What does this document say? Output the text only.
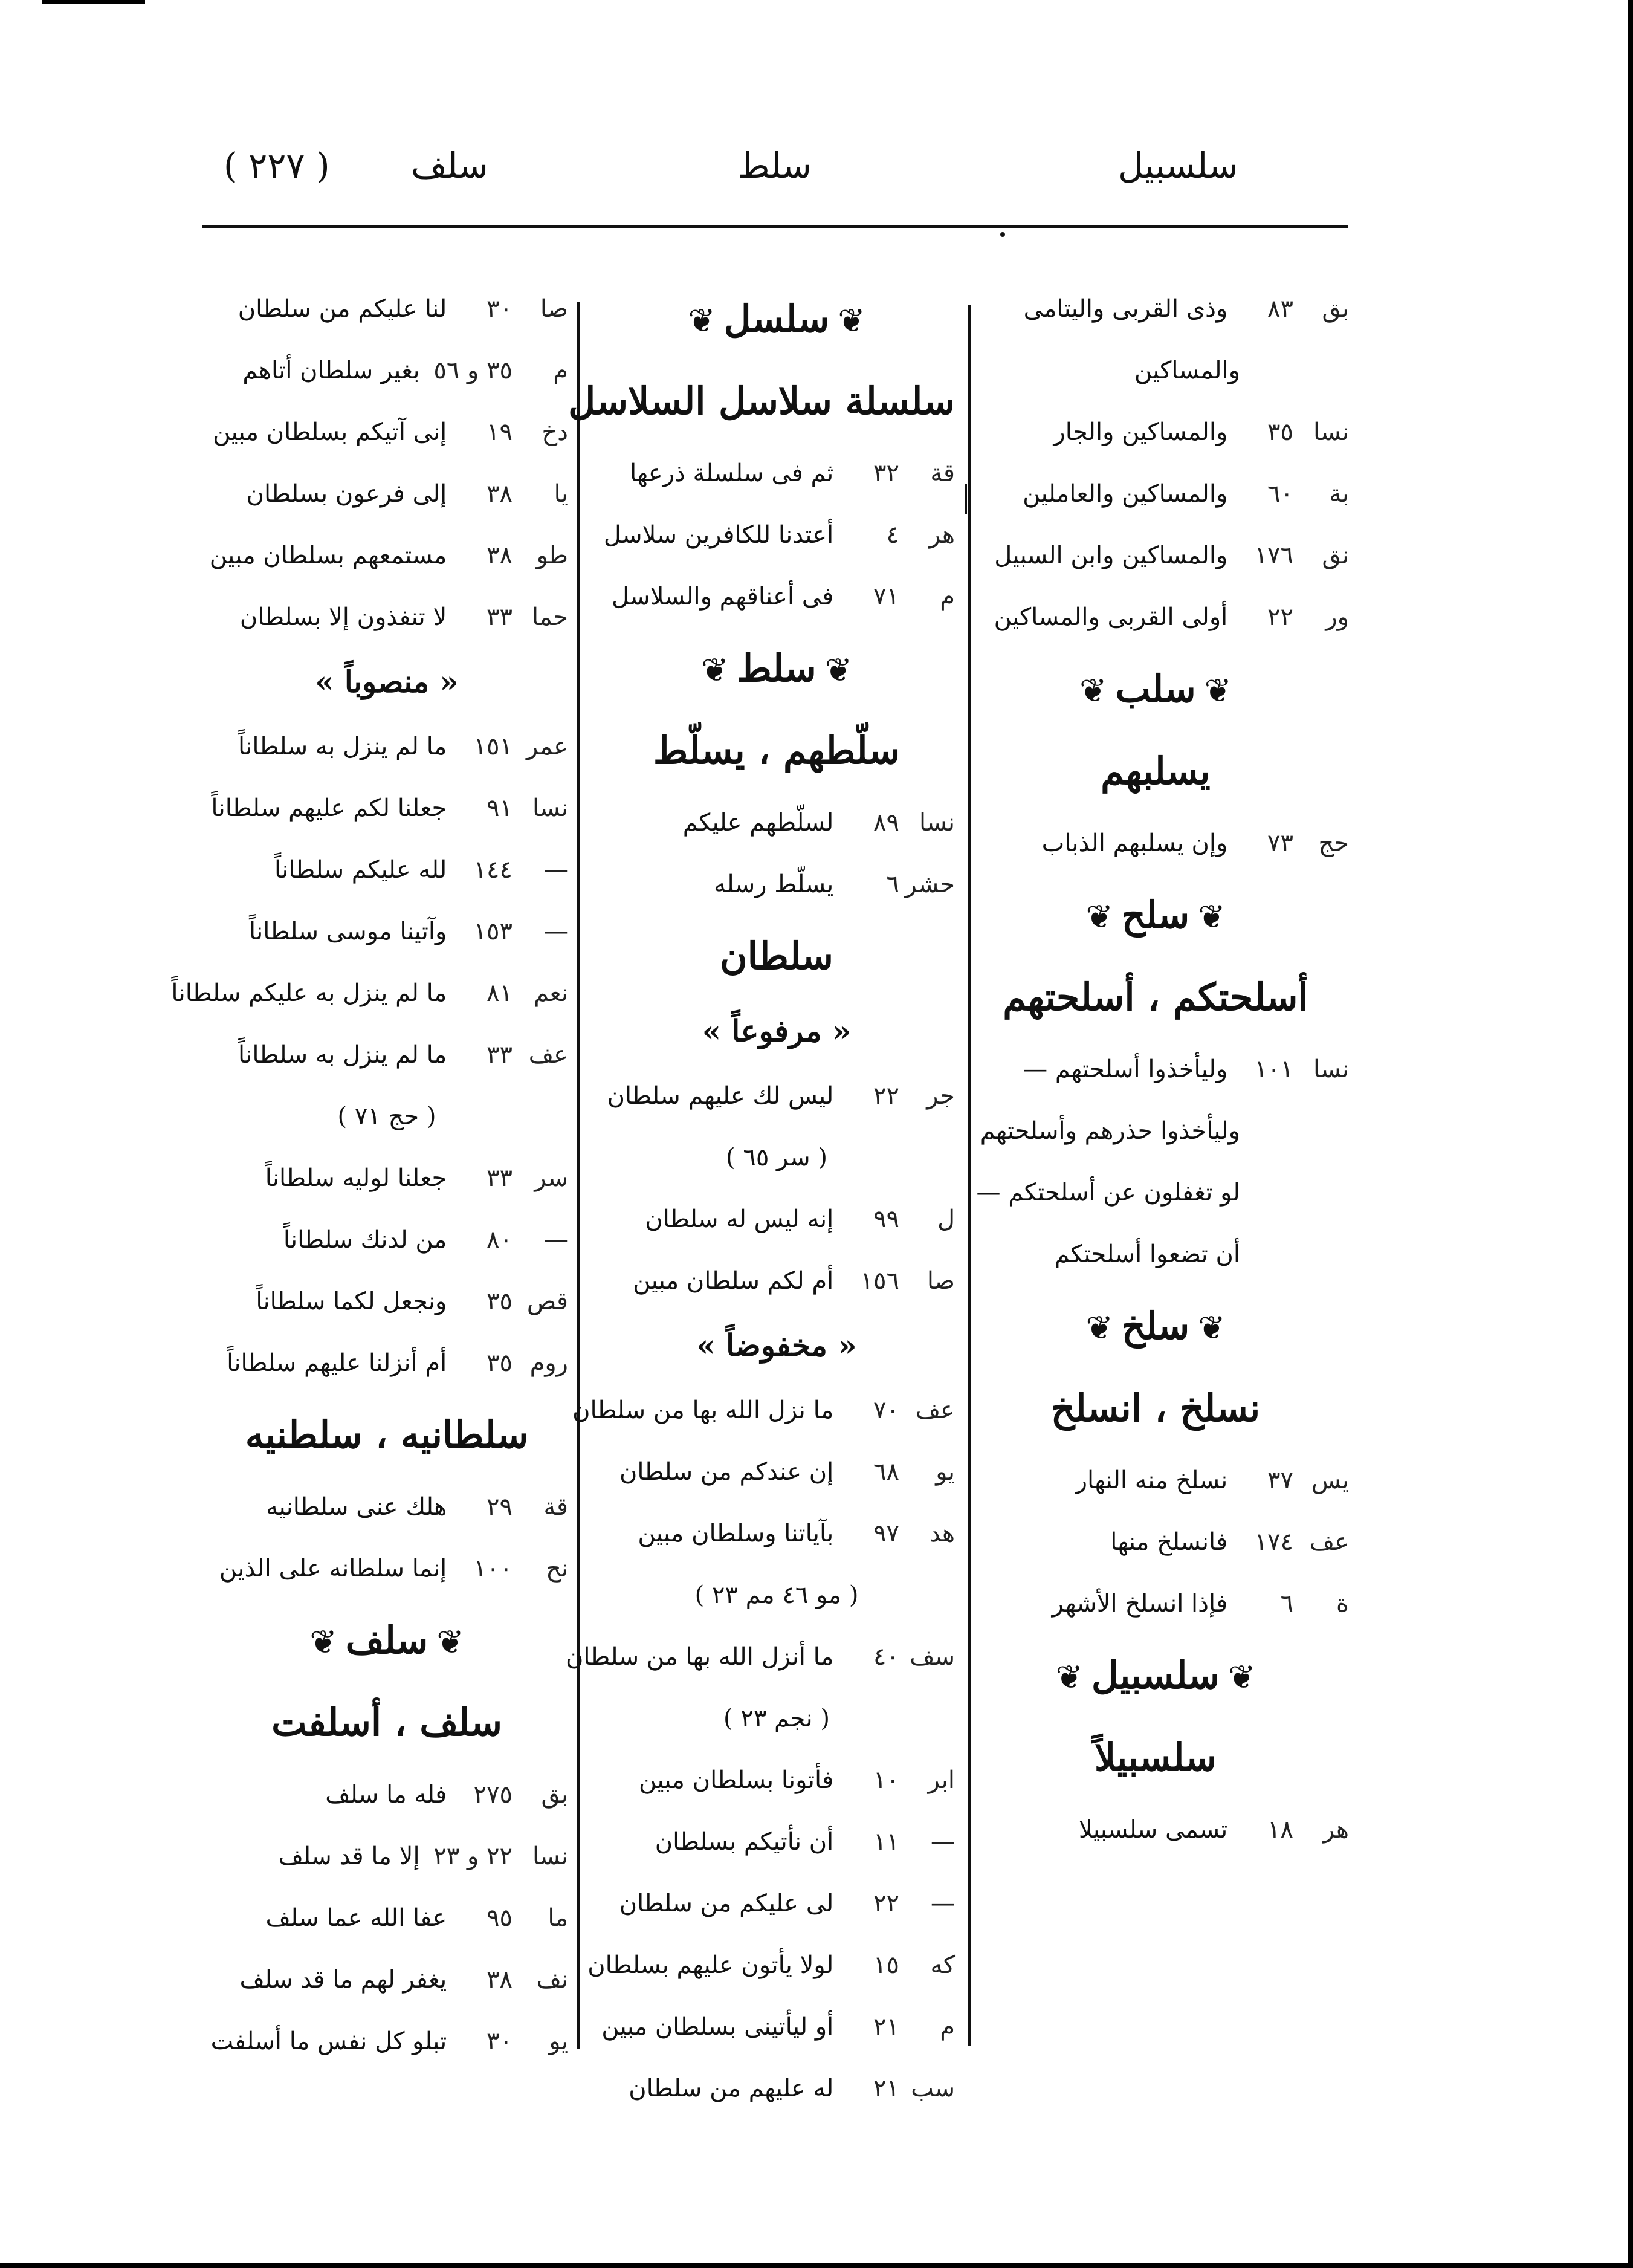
( ٢٢٧ ) سلف	سلط	سلسبيل
بق٨٣ وذى القربى واليتامى
والمساكين
نسا٣٥ والمساكين والجار
بة٦٠ والمساكين والعاملين
نق١٧٦ والمساكين وابن السبيل
ور٢٢ أولى القربى والمساكين
❦سلب❦
يسلبهم
حج٧٣ وإن يسلبهم الذباب
❦سلح❦
أسلحتكم ، أسلحتهم
نسا١٠١ وليأخذوا أسلحتهم —
وليأخذوا حذرهم وأسلحتهم
لو تغفلون عن أسلحتكم —
أن تضعوا أسلحتكم
❦سلخ❦
نسلخ ، انسلخ
يس٣٧ نسلخ منه النهار
عف١٧٤ فانسلخ منها
ة٦ فإذا انسلخ الأشهر
❦سلسبيل❦
سلسبيلاً
هر١٨ تسمى سلسبيلا
❦سلسل❦
سلسلة سلاسل السلاسل
قة٣٢ ثم فى سلسلة ذرعها
هر٤ أعتدنا للكافرين سلاسل
م٧١ فى أعناقهم والسلاسل
❦سلط❦
سلّطهم ، يسلّط
نسا٨٩ لسلّطهم عليكم
حشر٦ يسلّط رسله
سلطان
« مرفوعاً »
جر٢٢ ليس لك عليهم سلطان
( سر ٦٥ )
ل٩٩ إنه ليس له سلطان
صا١٥٦ أم لكم سلطان مبين
« مخفوضاً »
عف٧٠ ما نزل الله بها من سلطان
يو٦٨ إن عندكم من سلطان
هد٩٧ بآياتنا وسلطان مبين
( مو ٤٦ مم ٢٣ )
سف٤٠ ما أنزل الله بها من سلطان
( نجم ٢٣ )
ابر١٠ فأتونا بسلطان مبين
—١١ أن نأتيكم بسلطان
—٢٢ لى عليكم من سلطان
كه١٥ لولا يأتون عليهم بسلطان
م٢١ أو ليأتينى بسلطان مبين
سب٢١ له عليهم من سلطان
صا٣٠ لنا عليكم من سلطان
م٣٥ و ٥٦ بغير سلطان أتاهم
دخ١٩ إنى آتيكم بسلطان مبين
يا٣٨ إلى فرعون بسلطان
طو٣٨ مستمعهم بسلطان مبين
حما٣٣ لا تنفذون إلا بسلطان
« منصوباً »
عمر١٥١ ما لم ينزل به سلطاناً
نسا٩١ جعلنا لكم عليهم سلطاناً
—١٤٤ لله عليكم سلطاناً
—١٥٣ وآتينا موسى سلطاناً
نعم٨١ ما لم ينزل به عليكم سلطاناً
عف٣٣ ما لم ينزل به سلطاناً
( حج ٧١ )
سر٣٣ جعلنا لوليه سلطاناً
—٨٠ من لدنك سلطاناً
قص٣٥ ونجعل لكما سلطاناً
روم٣٥ أم أنزلنا عليهم سلطاناً
سلطانيه ، سلطنيه
قة٢٩ هلك عنى سلطانيه
نح١٠٠ إنما سلطانه على الذين
❦سلف❦
سلف ، أسلفت
بق٢٧٥ فله ما سلف
نسا٢٢ و ٢٣ إلا ما قد سلف
ما٩٥ عفا الله عما سلف
نف٣٨ يغفر لهم ما قد سلف
يو٣٠ تبلو كل نفس ما أسلفت
